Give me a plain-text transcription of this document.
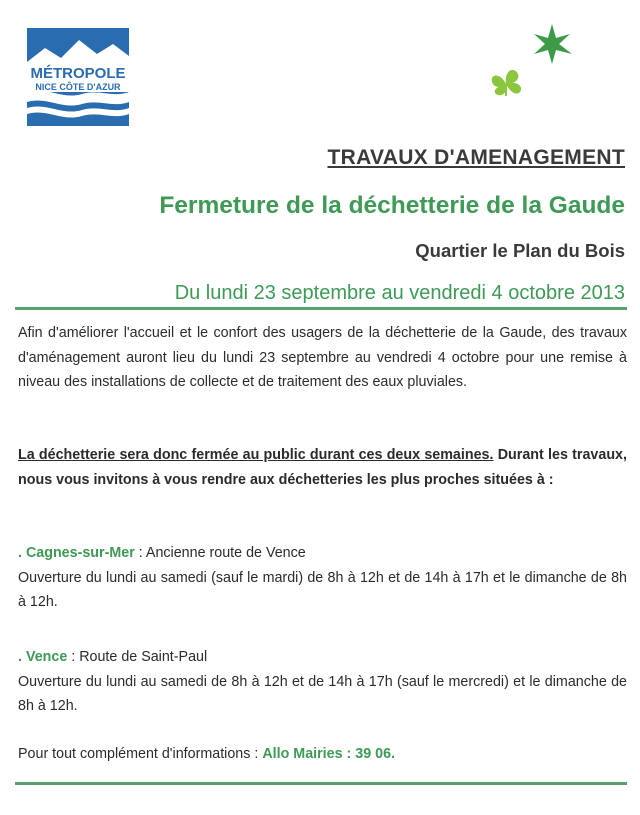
MÉTROPOLE
NICE CÔTE D'AZUR
TRAVAUX D'AMENAGEMENT
Fermeture de la déchetterie de la Gaude
Quartier le Plan du Bois
Du lundi 23 septembre au vendredi 4 octobre 2013
Afin d'améliorer l'accueil et le confort des usagers de la déchetterie de la Gaude, des travaux d'aménagement auront lieu du lundi 23 septembre au vendredi 4 octobre pour une remise à niveau des installations de collecte et de traitement des eaux pluviales.
La déchetterie sera donc fermée au public durant ces deux semaines. Durant les travaux, nous vous invitons à vous rendre aux déchetteries les plus proches situées à :
. Cagnes-sur-Mer : Ancienne route de Vence
Ouverture du lundi au samedi (sauf le mardi) de 8h à 12h et de 14h à 17h et le dimanche de 8h à 12h.
. Vence : Route de Saint-Paul
Ouverture du lundi au samedi de 8h à 12h et de 14h à 17h (sauf le mercredi) et le dimanche de 8h à 12h.
Pour tout complément d'informations : Allo Mairies : 39 06.
